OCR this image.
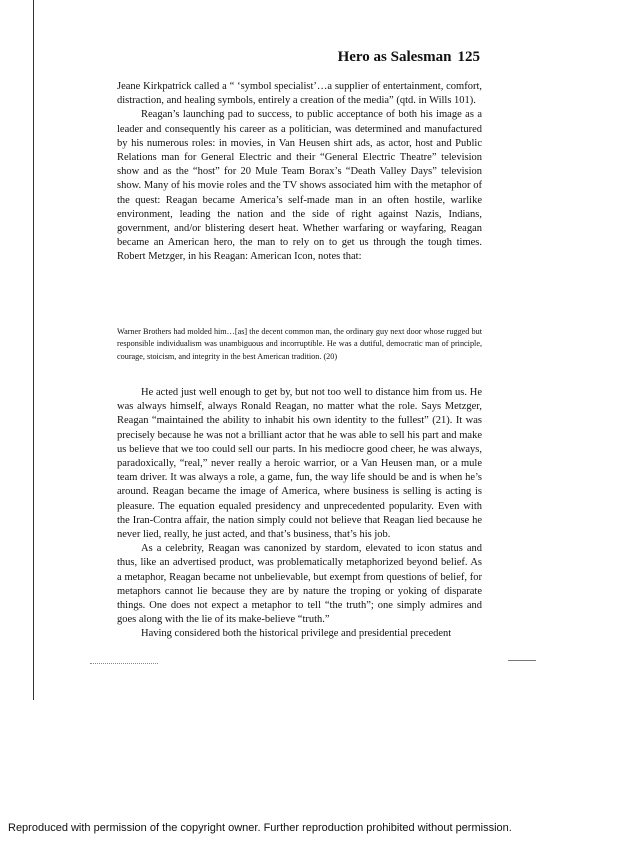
Hero as Salesman 125

Jeane Kirkpatrick called a “ ‘symbol specialist’…a supplier of entertainment, comfort, distraction, and healing symbols, entirely a creation of the media” (qtd. in Wills 101).

Reagan’s launching pad to success, to public acceptance of both his image as a leader and consequently his career as a politician, was determined and manufactured by his numerous roles: in movies, in Van Heusen shirt ads, as actor, host and Public Relations man for General Electric and their “General Electric Theatre” television show and as the “host” for 20 Mule Team Borax’s “Death Valley Days” television show. Many of his movie roles and the TV shows associated him with the metaphor of the quest: Reagan became America’s self-made man in an often hostile, warlike environment, leading the nation and the side of right against Nazis, Indians, government, and/or blistering desert heat. Whether warfaring or wayfaring, Reagan became an American hero, the man to rely on to get us through the tough times. Robert Metzger, in his Reagan: American Icon, notes that:

Warner Brothers had molded him…[as] the decent common man, the ordinary guy next door whose rugged but responsible individualism was unambiguous and incorruptible. He was a dutiful, democratic man of principle, courage, stoicism, and integrity in the best American tradition. (20)

He acted just well enough to get by, but not too well to distance him from us. He was always himself, always Ronald Reagan, no matter what the role. Says Metzger, Reagan “maintained the ability to inhabit his own identity to the fullest” (21). It was precisely because he was not a brilliant actor that he was able to sell his part and make us believe that we too could sell our parts. In his mediocre good cheer, he was always, paradoxically, “real,” never really a heroic warrior, or a Van Heusen man, or a mule team driver. It was always a role, a game, fun, the way life should be and is when he’s around. Reagan became the image of America, where business is selling is acting is pleasure. The equation equaled presidency and unprecedented popularity. Even with the Iran-Contra affair, the nation simply could not believe that Reagan lied because he never lied, really, he just acted, and that’s business, that’s his job.

As a celebrity, Reagan was canonized by stardom, elevated to icon status and thus, like an advertised product, was problematically metaphorized beyond belief. As a metaphor, Reagan became not unbelievable, but exempt from questions of belief, for metaphors cannot lie because they are by nature the troping or yoking of disparate things. One does not expect a metaphor to tell “the truth”; one simply admires and goes along with the lie of its make-believe “truth.”

Having considered both the historical privilege and presidential precedent

Reproduced with permission of the copyright owner. Further reproduction prohibited without permission.
